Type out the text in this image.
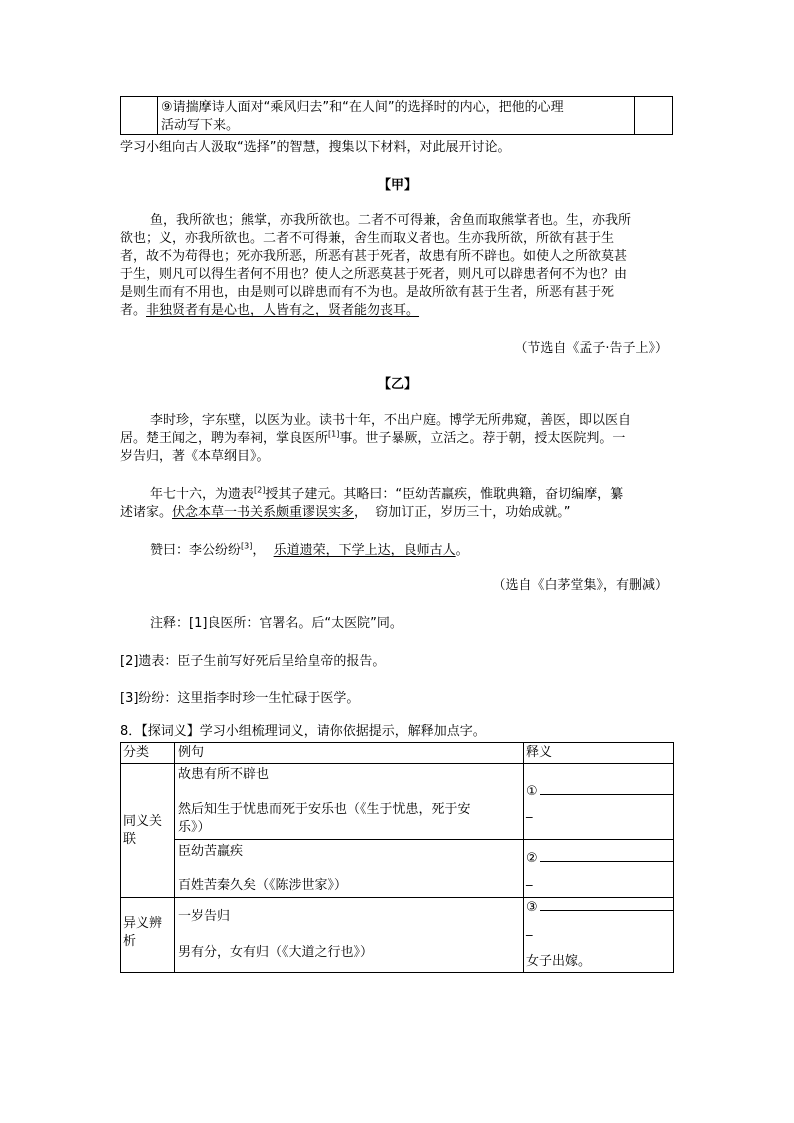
⑨请揣摩诗人面对“乘风归去”和“在人间”的选择时的内心，把他的心理
活动写下来。
学习小组向古人汲取“选择”的智慧，搜集以下材料，对此展开讨论。
【甲】
鱼，我所欲也；熊掌，亦我所欲也。二者不可得兼，舍鱼而取熊掌者也。生，亦我所
欲也；义，亦我所欲也。二者不可得兼，舍生而取义者也。生亦我所欲，所欲有甚于生
者，故不为苟得也；死亦我所恶，所恶有甚于死者，故患有所不辟也。如使人之所欲莫甚
于生，则凡可以得生者何不用也？使人之所恶莫甚于死者，则凡可以辟患者何不为也？由
是则生而有不用也，由是则可以辟患而有不为也。是故所欲有甚于生者，所恶有甚于死
者。非独贤者有是心也，人皆有之，贤者能勿丧耳。
（节选自《孟子·告子上》）
【乙】
李时珍，字东壁，以医为业。读书十年，不出户庭。博学无所弗窥，善医，即以医自
居。楚王闻之，聘为奉祠，掌良医所[1]事。世子暴厥，立活之。荐于朝，授太医院判。一
岁告归，著《本草纲目》。
年七十六，为遗表[2]授其子建元。其略曰：“臣幼苦羸疾，惟耽典籍，奋切编摩，纂
述诸家。伏念本草一书关系颇重谬误实多，  窃加订正，岁历三十，功始成就。”
赞曰：李公纷纷[3]，  乐道遗荣，下学上达，良师古人。
（选自《白茅堂集》，有删减）
注释：[1]良医所：官署名。后“太医院”同。
[2]遗表：臣子生前写好死后呈给皇帝的报告。
[3]纷纷：这里指李时珍一生忙碌于医学。
8．【探词义】学习小组梳理词义，请你依据提示，解释加点字。
分类 例句	释义
同义关
联
异义辨
析
故患有所不辟也
然后知生于忧患而死于安乐也（《生于忧患，死于安
乐》）
①
_
臣幼苦羸疾
百姓苦秦久矣（《陈涉世家》）
②
_
一岁告归
男有分，女有归（《大道之行也》）
③
_
女子出嫁。
